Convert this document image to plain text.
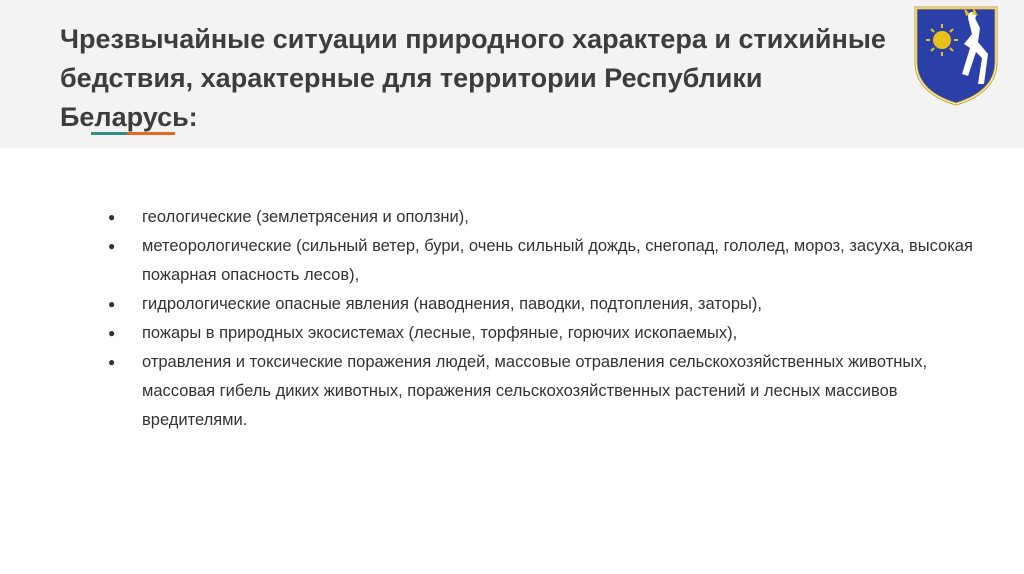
Чрезвычайные ситуации природного характера и стихийные бедствия, характерные для территории Республики Беларусь:
● геологические (землетрясения и оползни),
● метеорологические (сильный ветер, бури, очень сильный дождь, снегопад, гололед, мороз, засуха, высокая пожарная опасность лесов),
● гидрологические опасные явления (наводнения, паводки, подтопления, заторы),
● пожары в природных экосистемах (лесные, торфяные, горючих ископаемых),
● отравления и токсические поражения людей, массовые отравления сельскохозяйственных животных, массовая гибель диких животных, поражения сельскохозяйственных растений и лесных массивов вредителями.
